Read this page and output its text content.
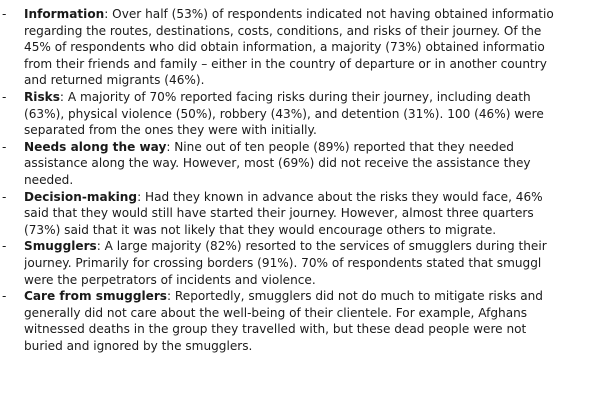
- Information: Over half (53%) of respondents indicated not having obtained informatio
regarding the routes, destinations, costs, conditions, and risks of their journey. Of the
45% of respondents who did obtain information, a majority (73%) obtained informatio
from their friends and family – either in the country of departure or in another country
and returned migrants (46%).
- Risks: A majority of 70% reported facing risks during their journey, including death
(63%), physical violence (50%), robbery (43%), and detention (31%). 100 (46%) were
separated from the ones they were with initially.
- Needs along the way: Nine out of ten people (89%) reported that they needed
assistance along the way. However, most (69%) did not receive the assistance they
needed.
- Decision-making: Had they known in advance about the risks they would face, 46%
said that they would still have started their journey. However, almost three quarters
(73%) said that it was not likely that they would encourage others to migrate.
- Smugglers: A large majority (82%) resorted to the services of smugglers during their
journey. Primarily for crossing borders (91%). 70% of respondents stated that smuggl
were the perpetrators of incidents and violence.
- Care from smugglers: Reportedly, smugglers did not do much to mitigate risks and
generally did not care about the well-being of their clientele. For example, Afghans
witnessed deaths in the group they travelled with, but these dead people were not
buried and ignored by the smugglers.
